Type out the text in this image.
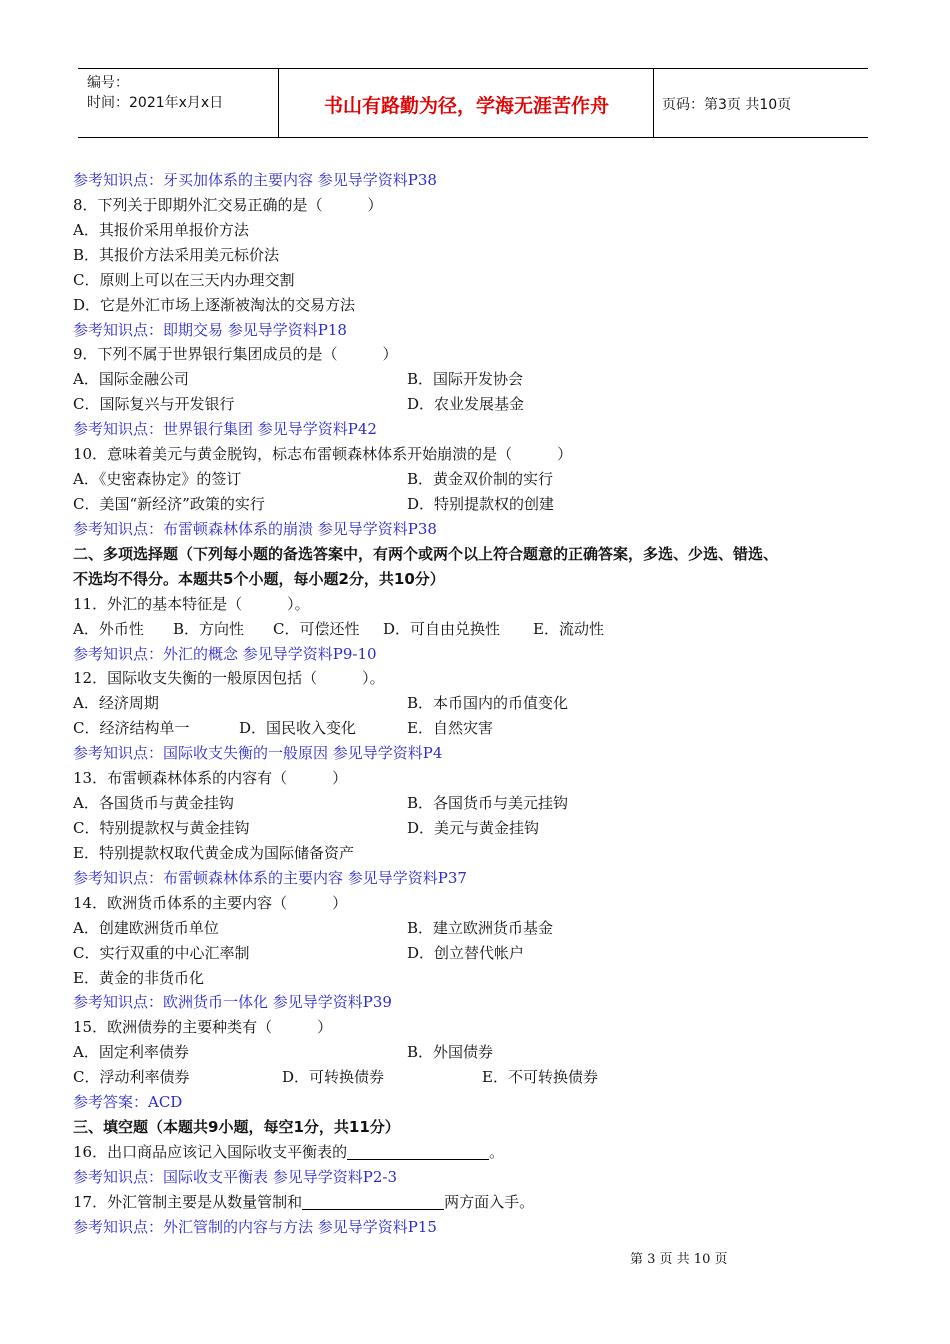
编号：
时间：2021年x月x日	书山有路勤为径，学海无涯苦作舟	页码：第3页 共10页
参考知识点：牙买加体系的主要内容 参见导学资料P38
8．下列关于即期外汇交易正确的是（　　　）
A．其报价采用单报价方法
B．其报价方法采用美元标价法
C．原则上可以在三天内办理交割
D．它是外汇市场上逐渐被淘汰的交易方法
参考知识点：即期交易 参见导学资料P18
9．下列不属于世界银行集团成员的是（　　　）
A．国际金融公司	B．国际开发协会
C．国际复兴与开发银行	D．农业发展基金
参考知识点：世界银行集团 参见导学资料P42
10．意味着美元与黄金脱钩，标志布雷顿森林体系开始崩溃的是（　　　）
A．《史密森协定》的签订	B．黄金双价制的实行
C．美国“新经济”政策的实行	D．特别提款权的创建
参考知识点：布雷顿森林体系的崩溃 参见导学资料P38
二、多项选择题（下列每小题的备选答案中，有两个或两个以上符合题意的正确答案，多选、少选、错选、
不选均不得分。本题共5个小题，每小题2分，共10分）
11．外汇的基本特征是（　　　）。
A．外币性 B．方向性 C．可偿还性 D．可自由兑换性 E．流动性
参考知识点：外汇的概念 参见导学资料P9-10
12．国际收支失衡的一般原因包括（　　　）。
A．经济周期	B．本币国内的币值变化
C．经济结构单一	D．国民收入变化	E．自然灾害
参考知识点：国际收支失衡的一般原因 参见导学资料P4
13．布雷顿森林体系的内容有（　　　）
A．各国货币与黄金挂钩	B．各国货币与美元挂钩
C．特别提款权与黄金挂钩	D．美元与黄金挂钩
E．特别提款权取代黄金成为国际储备资产
参考知识点：布雷顿森林体系的主要内容 参见导学资料P37
14．欧洲货币体系的主要内容（　　　）
A．创建欧洲货币单位	B．建立欧洲货币基金
C．实行双重的中心汇率制	D．创立替代帐户
E．黄金的非货币化
参考知识点：欧洲货币一体化 参见导学资料P39
15．欧洲债券的主要种类有（　　　）
A．固定利率债券	B．外国债券
C．浮动利率债券	D．可转换债券	E．不可转换债券
参考答案：ACD
三、填空题（本题共9小题，每空1分，共11分）
16．出口商品应该记入国际收支平衡表的	。
参考知识点：国际收支平衡表 参见导学资料P2-3
17．外汇管制主要是从数量管制和	两方面入手。
参考知识点：外汇管制的内容与方法 参见导学资料P15
第 3 页 共 10 页
